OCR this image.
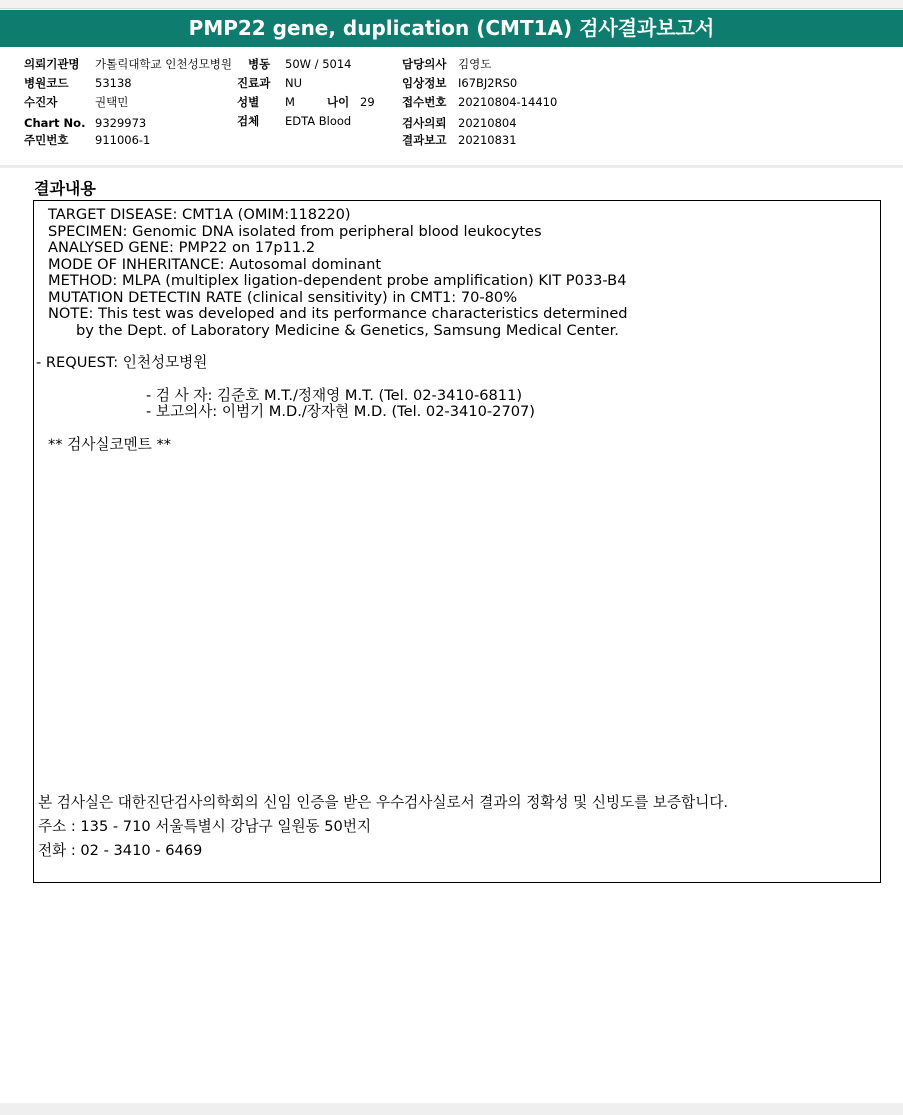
PMP22 gene, duplication (CMT1A) 검사결과보고서
의뢰기관명 가톨릭대학교 인천성모병원 병동 50W / 5014	담당의사 김영도
병원코드 53138	진료과 NU	임상정보 I67BJ2RS0
수진자	권택민	성별 M	나이 29 접수번호 20210804-14410
Chart No. 9329973	검체 EDTA Blood	검사의뢰 20210804
주민번호 911006-1	결과보고 20210831
결과내용
TARGET DISEASE: CMT1A (OMIM:118220)
SPECIMEN: Genomic DNA isolated from peripheral blood leukocytes
ANALYSED GENE: PMP22 on 17p11.2
MODE OF INHERITANCE: Autosomal dominant
METHOD: MLPA (multiplex ligation-dependent probe amplification) KIT P033-B4
MUTATION DETECTIN RATE (clinical sensitivity) in CMT1: 70-80%
NOTE: This test was developed and its performance characteristics determined
by the Dept. of Laboratory Medicine & Genetics, Samsung Medical Center.
- REQUEST: 인천성모병원
- 검 사 자: 김준호 M.T./정재영 M.T. (Tel. 02-3410-6811)
- 보고의사: 이범기 M.D./장자현 M.D. (Tel. 02-3410-2707)
** 검사실코멘트 **
본 검사실은 대한진단검사의학회의 신임 인증을 받은 우수검사실로서 결과의 정확성 및 신빙도를 보증합니다.
주소 : 135 - 710 서울특별시 강남구 일원동 50번지
전화 : 02 - 3410 - 6469
